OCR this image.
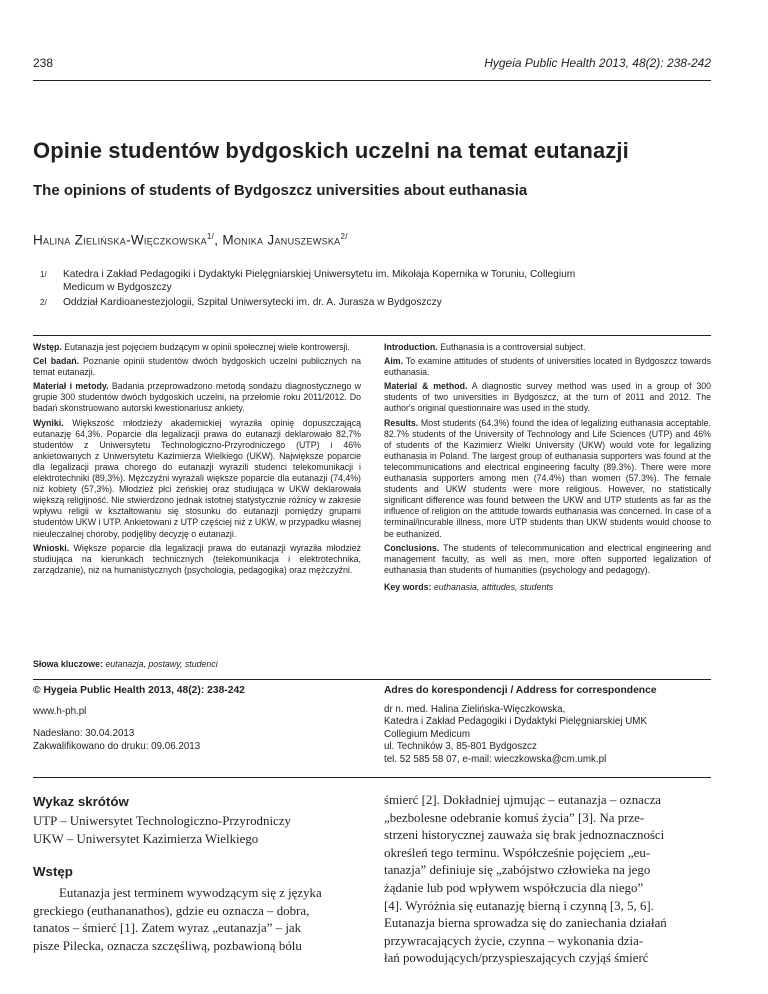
238	Hygeia Public Health 2013, 48(2): 238-242
Opinie studentów bydgoskich uczelni na temat eutanazji
The opinions of students of Bydgoszcz universities about euthanasia
Halina Zielińska-Więczkowska$^{1/}$, Monika Januszewska$^{2/}$
1/ Katedra i Zakład Pedagogiki i Dydaktyki Pielęgniarskiej Uniwersytetu im. Mikołaja Kopernika w Toruniu, Collegium
Medicum w Bydgoszczy
2/ Oddział Kardioanestezjologii, Szpital Uniwersytecki im. dr. A. Jurasza w Bydgoszczy

Wstęp. Eutanazja jest pojęciem budzącym w opinii społecznej wiele kontrowersji.

Cel badań. Poznanie opinii studentów dwóch bydgoskich uczelni publicznych na temat eutanazji.

Materiał i metody. Badania przeprowadzono metodą sondażu diagnostycznego w grupie 300 studentów dwóch bydgoskich uczelni, na przełomie roku 2011/2012. Do badań skonstruowano autorski kwestionariusz ankiety.

Wyniki. Większość młodzieży akademickiej wyraziła opinię dopuszczającą eutanazję 64,3%. Poparcie dla legalizacji prawa do eutanazji deklarowało 82,7% studentów z Uniwersytetu Technologiczno-Przyrodniczego (UTP) i 46% ankietowanych z Uniwersytetu Kazimierza Wielkiego (UKW). Największe poparcie dla legalizacji prawa chorego do eutanazji wyrazili studenci telekomunikacji i elektrotechniki (89,3%). Mężczyźni wyrażali większe poparcie dla eutanazji (74,4%) niż kobiety (57,3%). Młodzież płci żeńskiej oraz studiująca w UKW deklarowała większą religijność. Nie stwierdzono jednak istotnej statystycznie różnicy w zakresie wpływu religii w kształtowaniu się stosunku do eutanazji pomiędzy grupami studentów UKW i UTP. Ankietowani z UTP częściej niż z UKW, w przypadku własnej nieuleczalnej choroby, podjęliby decyzję o eutanazji.

Wnioski. Większe poparcie dla legalizacji prawa do eutanazji wyraziła młodzież studiująca na kierunkach technicznych (telekomunikacja i elektrotechnika, zarządzanie), niż na humanistycznych (psychologia, pedagogika) oraz mężczyźni.

Introduction. Euthanasia is a controversial subject.

Aim. To examine attitudes of students of universities located in Bydgoszcz towards euthanasia.

Material & method. A diagnostic survey method was used in a group of 300 students of two universities in Bydgoszcz, at the turn of 2011 and 2012. The author's original questionnaire was used in the study.

Results. Most students (64.3%) found the idea of legalizing euthanasia acceptable. 82.7% students of the University of Technology and Life Sciences (UTP) and 46% of students of the Kazimierz Wielki University (UKW) would vote for legalizing euthanasia in Poland. The largest group of euthanasia supporters was found at the telecommunications and electrical engineering faculty (89.3%). There were more euthanasia supporters among men (74.4%) than women (57.3%). The female students and UKW students were more religious. However, no statistically significant difference was found between the UKW and UTP students as far as the influence of religion on the attitude towards euthanasia was concerned. In case of a terminal/incurable illness, more UTP students than UKW students would choose to be euthanized.

Conclusions. The students of telecommunication and electrical engineering and management faculty, as well as men, more often supported legalization of euthanasia than students of humanities (psychology and pedagogy).

Key words: euthanasia, attitudes, students

Słowa kluczowe: eutanazja, postawy, studenci
© Hygeia Public Health 2013, 48(2): 238-242
www.h-ph.pl
Nadesłano: 30.04.2013
Zakwalifikowano do druku: 09.06.2013
Adres do korespondencji / Address for correspondence
dr n. med. Halina Zielińska-Więczkowska,
Katedra i Zakład Pedagogiki i Dydaktyki Pielęgniarskiej UMK
Collegium Medicum
ul. Techników 3, 85-801 Bydgoszcz
tel. 52 585 58 07, e-mail: wieczkowska@cm.umk.pl
Wykaz skrótów

UTP – Uniwersytet Technologiczno-Przyrodniczy

UKW – Uniwersytet Kazimierza Wielkiego

Wstęp

Eutanazja jest terminem wywodzącym się z języka

greckiego (euthananathos), gdzie eu oznacza – dobra,

tanatos – śmierć [1]. Zatem wyraz „eutanazja” – jak

pisze Pilecka, oznacza szczęśliwą, pozbawioną bólu

śmierć [2]. Dokładniej ujmując – eutanazja – oznacza

„bezbolesne odebranie komuś życia” [3]. Na prze-

strzeni historycznej zauważa się brak jednoznaczności

określeń tego terminu. Współcześnie pojęciem „eu-

tanazja” definiuje się „zabójstwo człowieka na jego

żądanie lub pod wpływem współczucia dla niego”

[4]. Wyróżnia się eutanazję bierną i czynną [3, 5, 6].

Eutanazja bierna sprowadza się do zaniechania działań

przywracających życie, czynna – wykonania dzia-

łań powodujących/przyspieszających czyjąś śmierć
